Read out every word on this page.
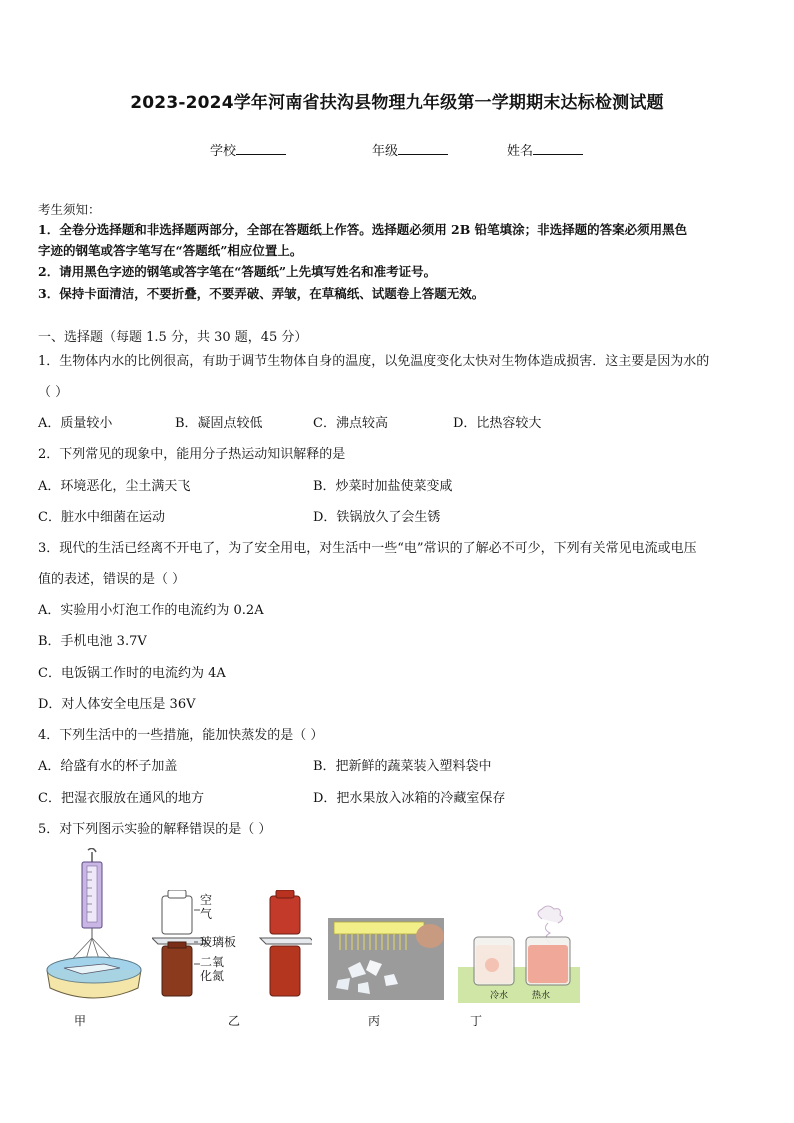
2023-2024学年河南省扶沟县物理九年级第一学期期末达标检测试题
学校	年级	姓名
考生须知：
1．全卷分选择题和非选择题两部分，全部在答题纸上作答。选择题必须用 2B 铅笔填涂；非选择题的答案必须用黑色
字迹的钢笔或答字笔写在“答题纸”相应位置上。
2．请用黑色字迹的钢笔或答字笔在“答题纸”上先填写姓名和准考证号。
3．保持卡面清洁，不要折叠，不要弄破、弄皱，在草稿纸、试题卷上答题无效。
一、选择题（每题 1.5 分，共 30 题，45 分）
1．生物体内水的比例很高，有助于调节生物体自身的温度，以免温度变化太快对生物体造成损害．这主要是因为水的
（ ）
A．质量较小	B．凝固点较低	C．沸点较高	D．比热容较大
2．下列常见的现象中，能用分子热运动知识解释的是
A．环境恶化，尘土满天飞	B．炒菜时加盐使菜变咸
C．脏水中细菌在运动	D．铁锅放久了会生锈
3．现代的生活已经离不开电了，为了安全用电，对生活中一些“电”常识的了解必不可少，下列有关常见电流或电压
值的表述，错误的是（ ）
A．实验用小灯泡工作的电流约为 0.2A
B．手机电池 3.7V
C．电饭锅工作时的电流约为 4A
D．对人体安全电压是 36V
4．下列生活中的一些措施，能加快蒸发的是（ ）
A．给盛有水的杯子加盖	B．把新鲜的蔬菜装入塑料袋中
C．把湿衣服放在通风的地方	D．把水果放入冰箱的冷藏室保存
5．对下列图示实验的解释错误的是（ ）
甲
空
气
玻璃板
二氧
化氮
乙	丙
冷水	热水
丁
